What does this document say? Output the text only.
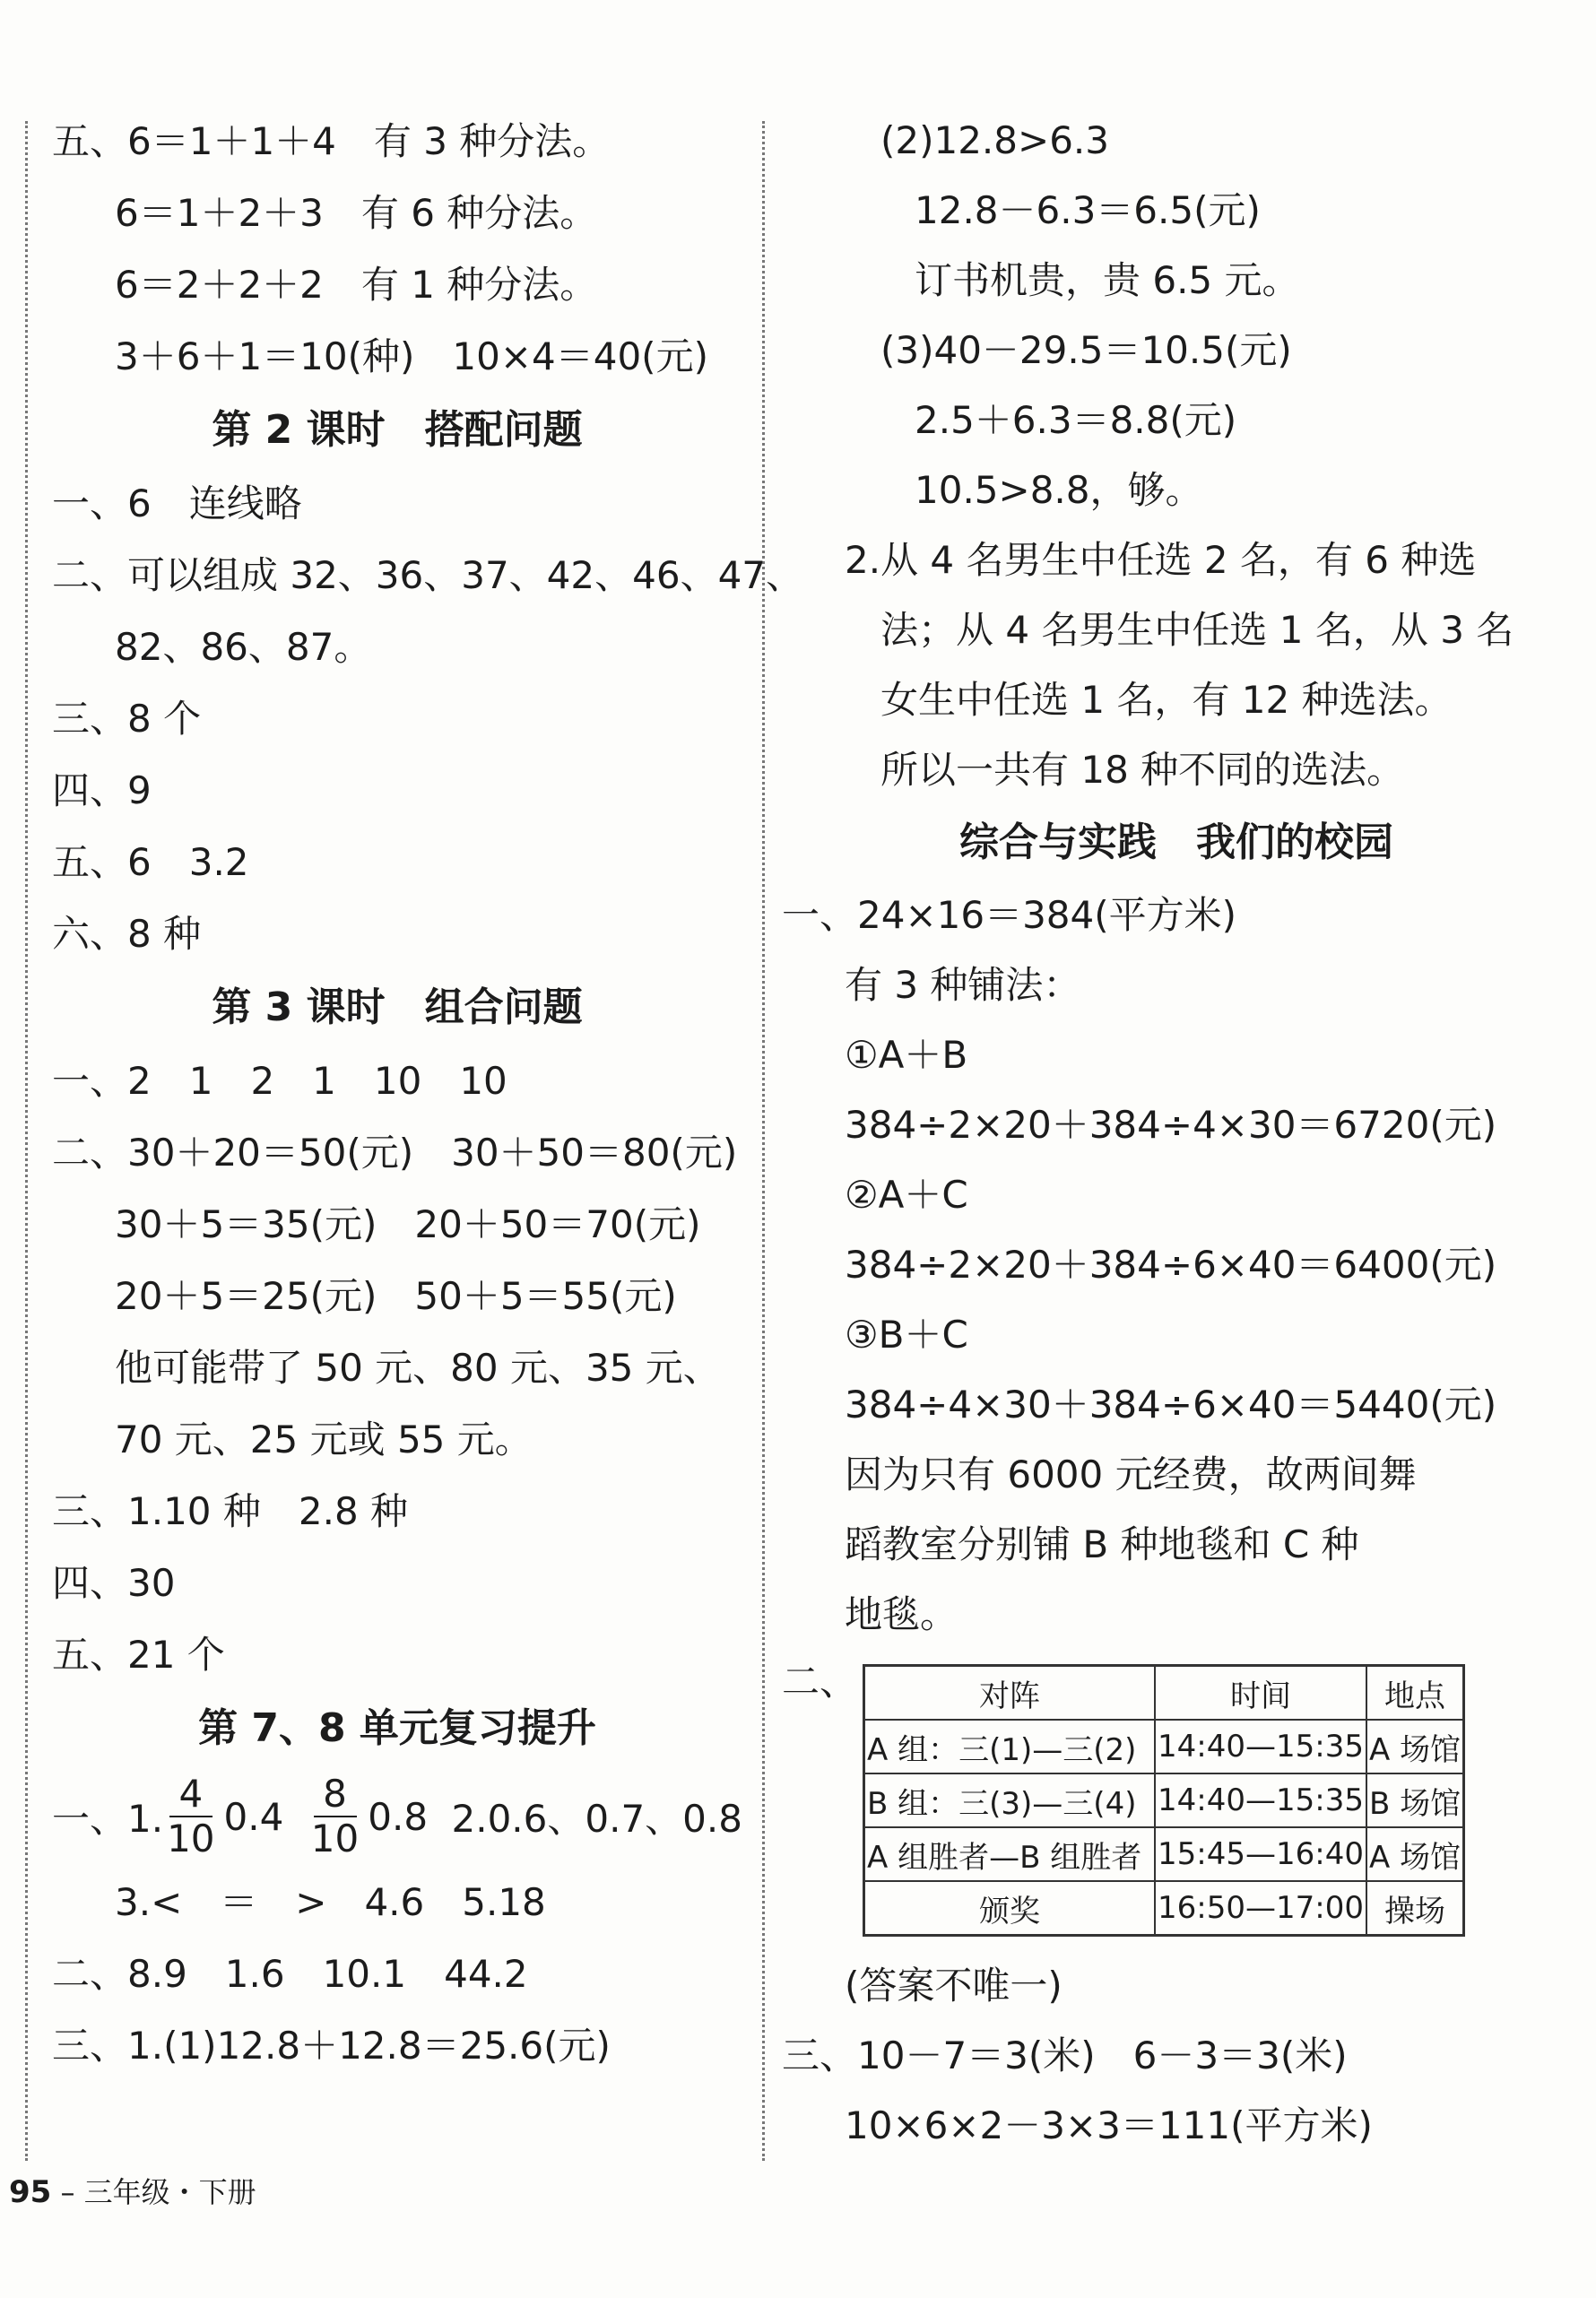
五、6＝1＋1＋4　有 3 种分法。
6＝1＋2＋3　有 6 种分法。
6＝2＋2＋2　有 1 种分法。
3＋6＋1＝10(种)　10×4＝40(元)
第 2 课时　搭配问题
一、6　连线略
二、可以组成 32、36、37、42、46、47、
82、86、87。
三、8 个
四、9
五、6　3.2
六、8 种
第 3 课时　组合问题
一、2　1　2　1　10　10
二、30＋20＝50(元)　30＋50＝80(元)
30＋5＝35(元)　20＋50＝70(元)
20＋5＝25(元)　50＋5＝55(元)
他可能带了 50 元、80 元、35 元、
70 元、25 元或 55 元。
三、1.10 种　2.8 种
四、30
五、21 个
第 7、8 单元复习提升
一、1. $\frac{4}{10} 0.4 \frac{8}{10} 0.8$ 2.0.6、0.7、0.8
3.<　＝　>　4.6　5.18
二、8.9　1.6　10.1　44.2
三、1.(1)12.8＋12.8＝25.6(元)
(2)12.8>6.3
12.8－6.3＝6.5(元)
订书机贵，贵 6.5 元。
(3)40－29.5＝10.5(元)
2.5＋6.3＝8.8(元)
10.5>8.8，够。
2.从 4 名男生中任选 2 名，有 6 种选
法；从 4 名男生中任选 1 名，从 3 名
女生中任选 1 名，有 12 种选法。
所以一共有 18 种不同的选法。
综合与实践　我们的校园
一、24×16＝384(平方米)
有 3 种铺法：
①A＋B
384÷2×20＋384÷4×30＝6720(元)
②A＋C
384÷2×20＋384÷6×40＝6400(元)
③B＋C
384÷4×30＋384÷6×40＝5440(元)
因为只有 6000 元经费，故两间舞
蹈教室分别铺 B 种地毯和 C 种
地毯。
二、	对阵	时间	地点
A 组：三(1)—三(2)	14:40—15:35	A 场馆
B 组：三(3)—三(4)	14:40—15:35	B 场馆
A 组胜者—B 组胜者	15:45—16:40	A 场馆
颁奖	16:50—17:00	操场
(答案不唯一)
三、10－7＝3(米)　6－3＝3(米)
10×6×2－3×3＝111(平方米)
95 – 三年级・下册
